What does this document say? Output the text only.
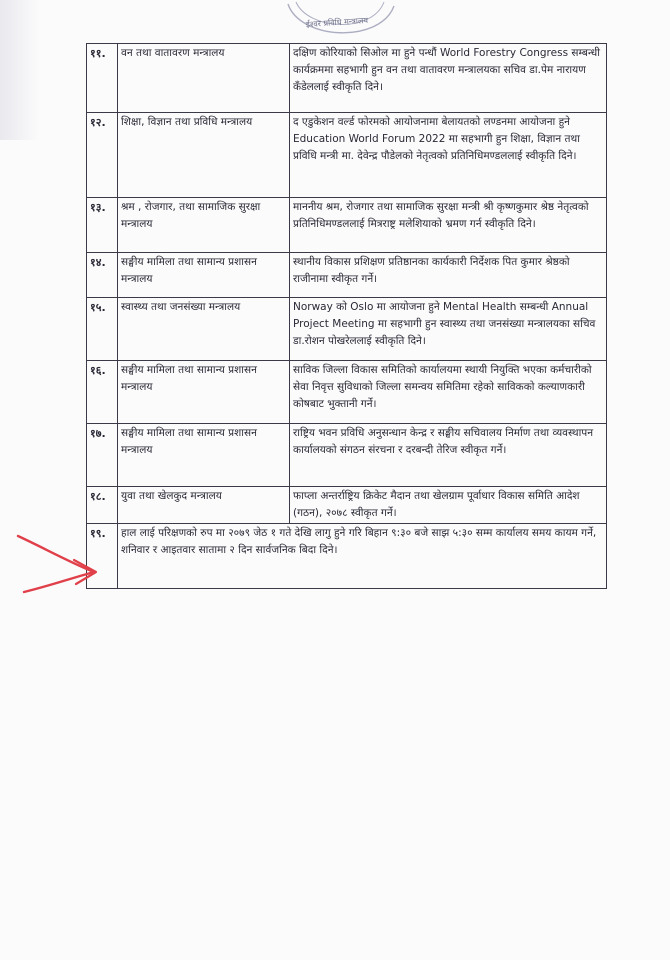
ईश्वर प्रविधि मन्त्रालय
११.	वन तथा वातावरण मन्त्रालय	दक्षिण कोरियाको सिओल मा हुने पन्धौं World Forestry Congress सम्बन्धी कार्यक्रममा सहभागी हुन वन तथा वातावरण मन्त्रालयका सचिव डा.पेम नारायण कँडेललाई स्वीकृति दिने।
१२.	शिक्षा, विज्ञान तथा प्रविधि मन्त्रालय	द एडुकेशन वर्ल्ड फोरमको आयोजनामा बेलायतको लण्डनमा आयोजना हुने Education World Forum 2022 मा सहभागी हुन शिक्षा, विज्ञान तथा प्रविधि मन्त्री मा. देवेन्द्र पौडेलको नेतृत्वको प्रतिनिधिमण्डललाई स्वीकृति दिने।
१३.	श्रम , रोजगार, तथा सामाजिक सुरक्षा मन्त्रालय	माननीय श्रम, रोजगार तथा सामाजिक सुरक्षा मन्त्री श्री कृष्णकुमार श्रेष्ठ नेतृत्वको प्रतिनिधिमण्डललाई मित्रराष्ट्र मलेशियाको भ्रमण गर्न स्वीकृति दिने।
१४.	सङ्घीय मामिला तथा सामान्य प्रशासन मन्त्रालय	स्थानीय विकास प्रशिक्षण प्रतिष्ठानका कार्यकारी निर्देशक पित कुमार श्रेष्ठको राजीनामा स्वीकृत गर्ने।
१५.	स्वास्थ्य तथा जनसंख्या मन्त्रालय	Norway को Oslo मा आयोजना हुने Mental Health सम्बन्धी Annual Project Meeting मा सहभागी हुन स्वास्थ्य तथा जनसंख्या मन्त्रालयका सचिव डा.रोशन पोखरेललाई स्वीकृति दिने।
१६.	सङ्घीय मामिला तथा सामान्य प्रशासन मन्त्रालय	साविक जिल्ला विकास समितिको कार्यालयमा स्थायी नियुक्ति भएका कर्मचारीको सेवा निवृत्त सुविधाको जिल्ला समन्वय समितिमा रहेको साविकको कल्याणकारी कोषबाट भुक्तानी गर्ने।
१७.	सङ्घीय मामिला तथा सामान्य प्रशासन मन्त्रालय	राष्ट्रिय भवन प्रविधि अनुसन्धान केन्द्र र सङ्घीय सचिवालय निर्माण तथा व्यवस्थापन कार्यालयको संगठन संरचना र दरबन्दी तेरिज स्वीकृत गर्ने।
१८.	युवा तथा खेलकुद मन्त्रालय	फाप्ला अन्तर्राष्ट्रिय क्रिकेट मैदान तथा खेलग्राम पूर्वाधार विकास समिति आदेश (गठन), २०७८ स्वीकृत गर्ने।
१९.	हाल लाई परिक्षणको रुप मा २०७९ जेठ १ गते देखि लागु हुने गरि बिहान ९:३० बजे साझ ५:३० सम्म कार्यालय समय कायम गर्ने, शनिवार र आइतवार सातामा २ दिन सार्वजनिक बिदा दिने।	
